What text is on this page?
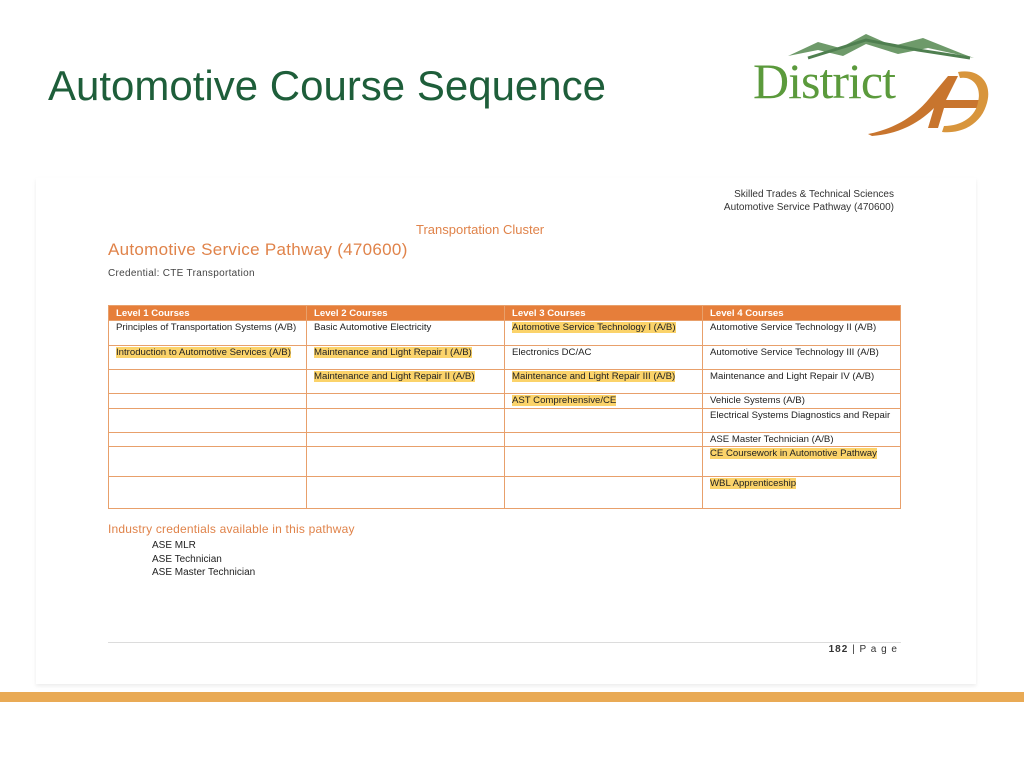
Automotive Course Sequence	District
Skilled Trades & Technical Sciences
Automotive Service Pathway (470600)
Transportation Cluster
Automotive Service Pathway (470600)
Credential: CTE Transportation
Level 1 Courses	Level 2 Courses	Level 3 Courses	Level 4 Courses
Principles of Transportation Systems (A/B)	Basic Automotive Electricity	Automotive Service Technology I (A/B)	Automotive Service Technology II (A/B)
Introduction to Automotive Services (A/B)	Maintenance and Light Repair I (A/B)	Electronics DC/AC	Automotive Service Technology III (A/B)
	Maintenance and Light Repair II (A/B)	Maintenance and Light Repair III (A/B)	Maintenance and Light Repair IV (A/B)
		AST Comprehensive/CE	Vehicle Systems (A/B)
			Electrical Systems Diagnostics and Repair
			ASE Master Technician (A/B)
			CE Coursework in Automotive Pathway
			WBL Apprenticeship
Industry credentials available in this pathway
ASE MLR
ASE Technician
ASE Master Technician
182 | P a g e
